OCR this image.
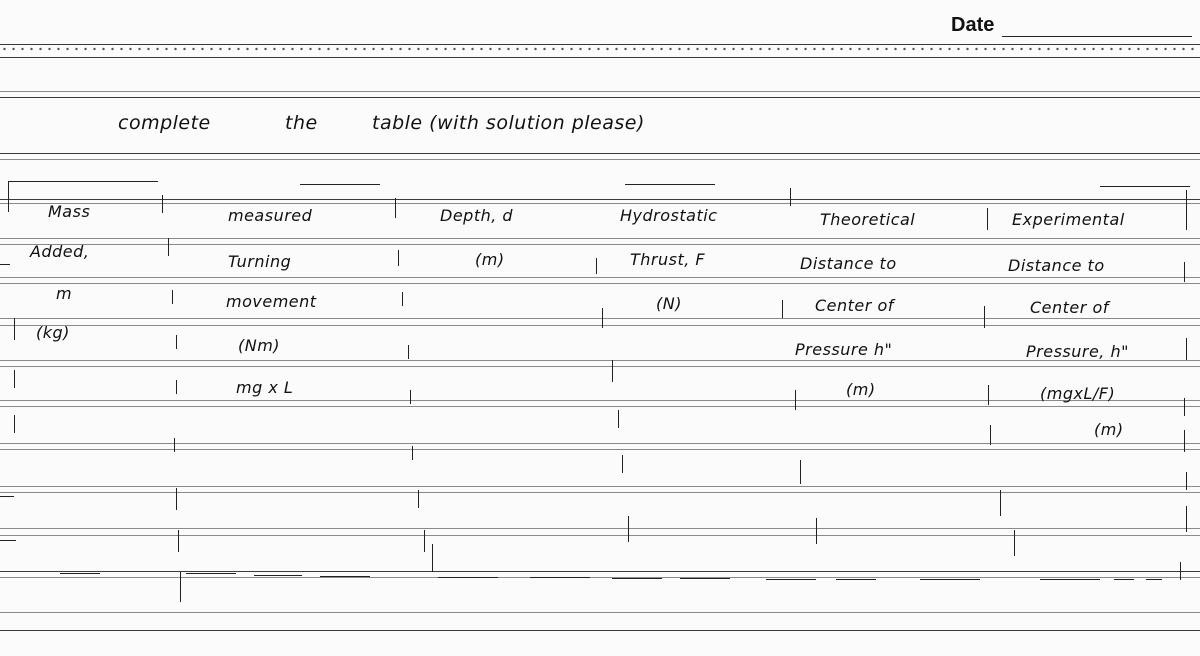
Date
complete	the	table (with solution please)
Mass
Added,
m
(kg)
measured
Turning
movement
(Nm)
mg x L
Depth, d
(m)
Hydrostatic
Thrust, F
(N)
Theoretical
Distance to
Center of
Pressure h"
(m)
Experimental
Distance to
Center of
Pressure, h"
(mgxL/F)
(m)
